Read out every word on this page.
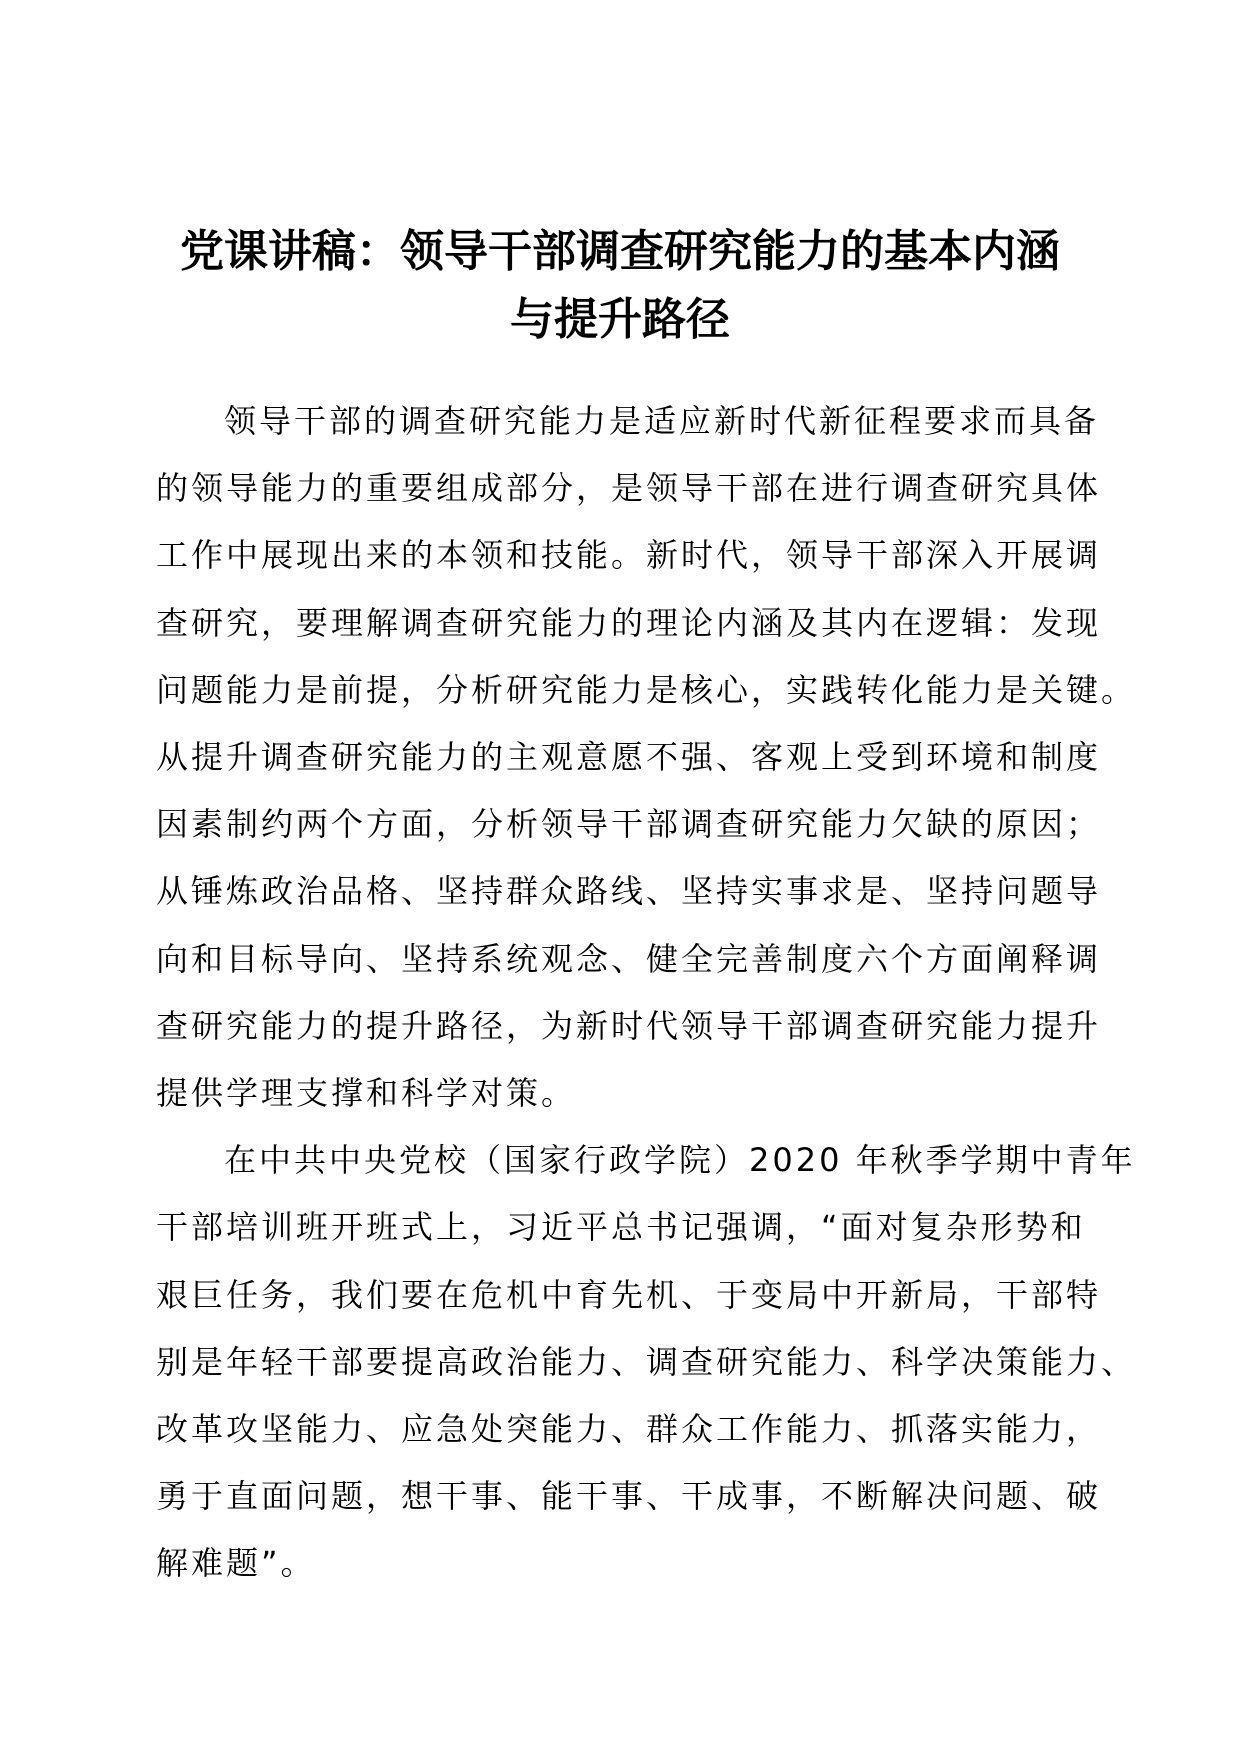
党课讲稿：领导干部调查研究能力的基本内涵
与提升路径

领导干部的调查研究能力是适应新时代新征程要求而具备
的领导能力的重要组成部分，是领导干部在进行调查研究具体
工作中展现出来的本领和技能。新时代，领导干部深入开展调
查研究，要理解调查研究能力的理论内涵及其内在逻辑：发现
问题能力是前提，分析研究能力是核心，实践转化能力是关键。
从提升调查研究能力的主观意愿不强、客观上受到环境和制度
因素制约两个方面，分析领导干部调查研究能力欠缺的原因；
从锤炼政治品格、坚持群众路线、坚持实事求是、坚持问题导
向和目标导向、坚持系统观念、健全完善制度六个方面阐释调
查研究能力的提升路径，为新时代领导干部调查研究能力提升
提供学理支撑和科学对策。

在中共中央党校（国家行政学院）2020 年秋季学期中青年
干部培训班开班式上，习近平总书记强调，“面对复杂形势和
艰巨任务，我们要在危机中育先机、于变局中开新局，干部特
别是年轻干部要提高政治能力、调查研究能力、科学决策能力、
改革攻坚能力、应急处突能力、群众工作能力、抓落实能力，
勇于直面问题，想干事、能干事、干成事，不断解决问题、破
解难题”。
